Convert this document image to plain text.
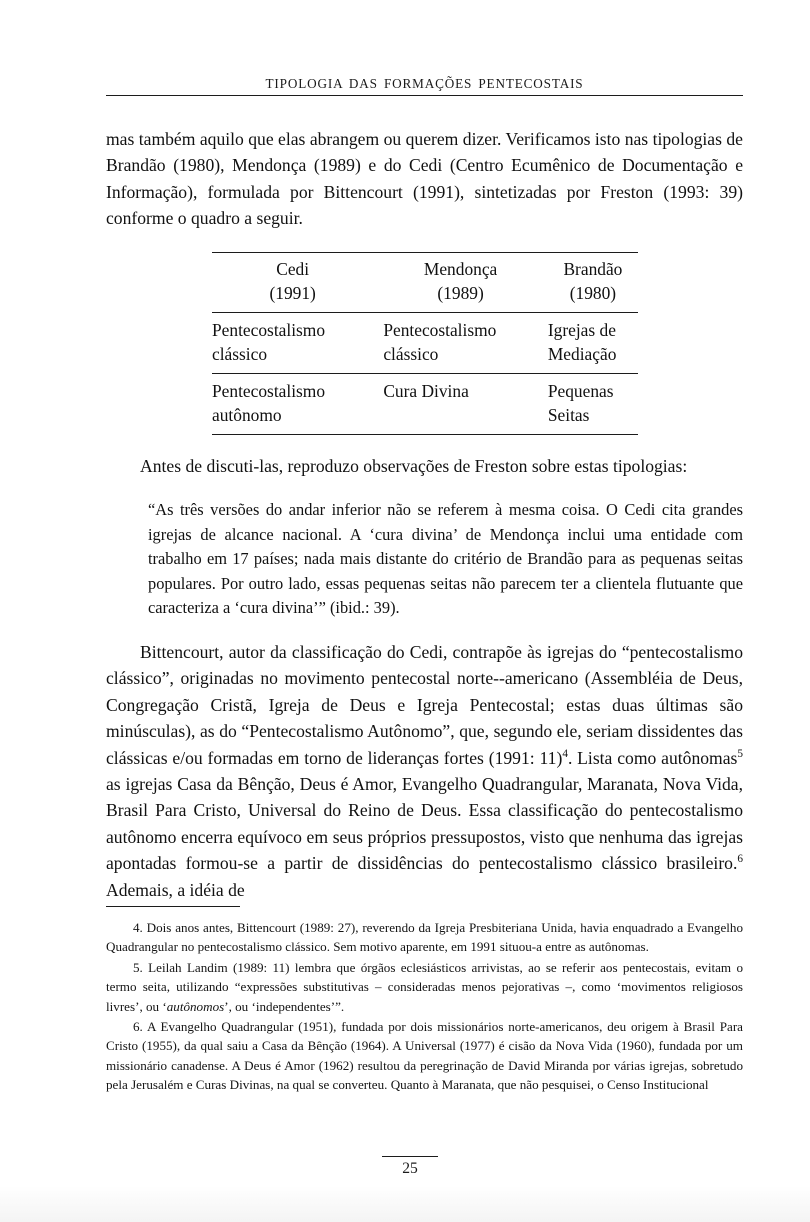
TIPOLOGIA DAS FORMAÇÕES PENTECOSTAIS

mas também aquilo que elas abrangem ou querem dizer. Verificamos isto nas tipologias de Brandão (1980), Mendonça (1989) e do Cedi (Centro Ecumênico de Documentação e Informação), formulada por Bittencourt (1991), sintetizadas por Freston (1993: 39) conforme o quadro a seguir.

Cedi	Mendonça	Brandão
(1991)	(1989)	(1980)
Pentecostalismo clássico	Pentecostalismo clássico	Igrejas de Mediação
Pentecostalismo autônomo	Cura Divina	Pequenas Seitas

Antes de discuti-las, reproduzo observações de Freston sobre estas tipologias:

“As três versões do andar inferior não se referem à mesma coisa. O Cedi cita grandes igrejas de alcance nacional. A ‘cura divina’ de Mendonça inclui uma entidade com trabalho em 17 países; nada mais distante do critério de Brandão para as pequenas seitas populares. Por outro lado, essas pequenas seitas não parecem ter a clientela flutuante que caracteriza a ‘cura divina’” (ibid.: 39).

Bittencourt, autor da classificação do Cedi, contrapõe às igrejas do “pentecostalismo clássico”, originadas no movimento pentecostal norte--americano (Assembléia de Deus, Congregação Cristã, Igreja de Deus e Igreja Pentecostal; estas duas últimas são minúsculas), as do “Pentecostalismo Autônomo”, que, segundo ele, seriam dissidentes das clássicas e/ou formadas em torno de lideranças fortes (1991: 11)$^4$. Lista como autônomas$^5$ as igrejas Casa da Bênção, Deus é Amor, Evangelho Quadrangular, Maranata, Nova Vida, Brasil Para Cristo, Universal do Reino de Deus. Essa classificação do pentecostalismo autônomo encerra equívoco em seus próprios pressupostos, visto que nenhuma das igrejas apontadas formou-se a partir de dissidências do pentecostalismo clássico brasileiro.$^6$ Ademais, a idéia de

4. Dois anos antes, Bittencourt (1989: 27), reverendo da Igreja Presbiteriana Unida, havia enquadrado a Evangelho Quadrangular no pentecostalismo clássico. Sem motivo aparente, em 1991 situou-a entre as autônomas.

5. Leilah Landim (1989: 11) lembra que órgãos eclesiásticos arrivistas, ao se referir aos pentecostais, evitam o termo seita, utilizando “expressões substitutivas – consideradas menos pejorativas –, como ‘movimentos religiosos livres’, ou ‘autônomos’, ou ‘independentes’”.

6. A Evangelho Quadrangular (1951), fundada por dois missionários norte-americanos, deu origem à Brasil Para Cristo (1955), da qual saiu a Casa da Bênção (1964). A Universal (1977) é cisão da Nova Vida (1960), fundada por um missionário canadense. A Deus é Amor (1962) resultou da peregrinação de David Miranda por várias igrejas, sobretudo pela Jerusalém e Curas Divinas, na qual se converteu. Quanto à Maranata, que não pesquisei, o Censo Institucional

25
